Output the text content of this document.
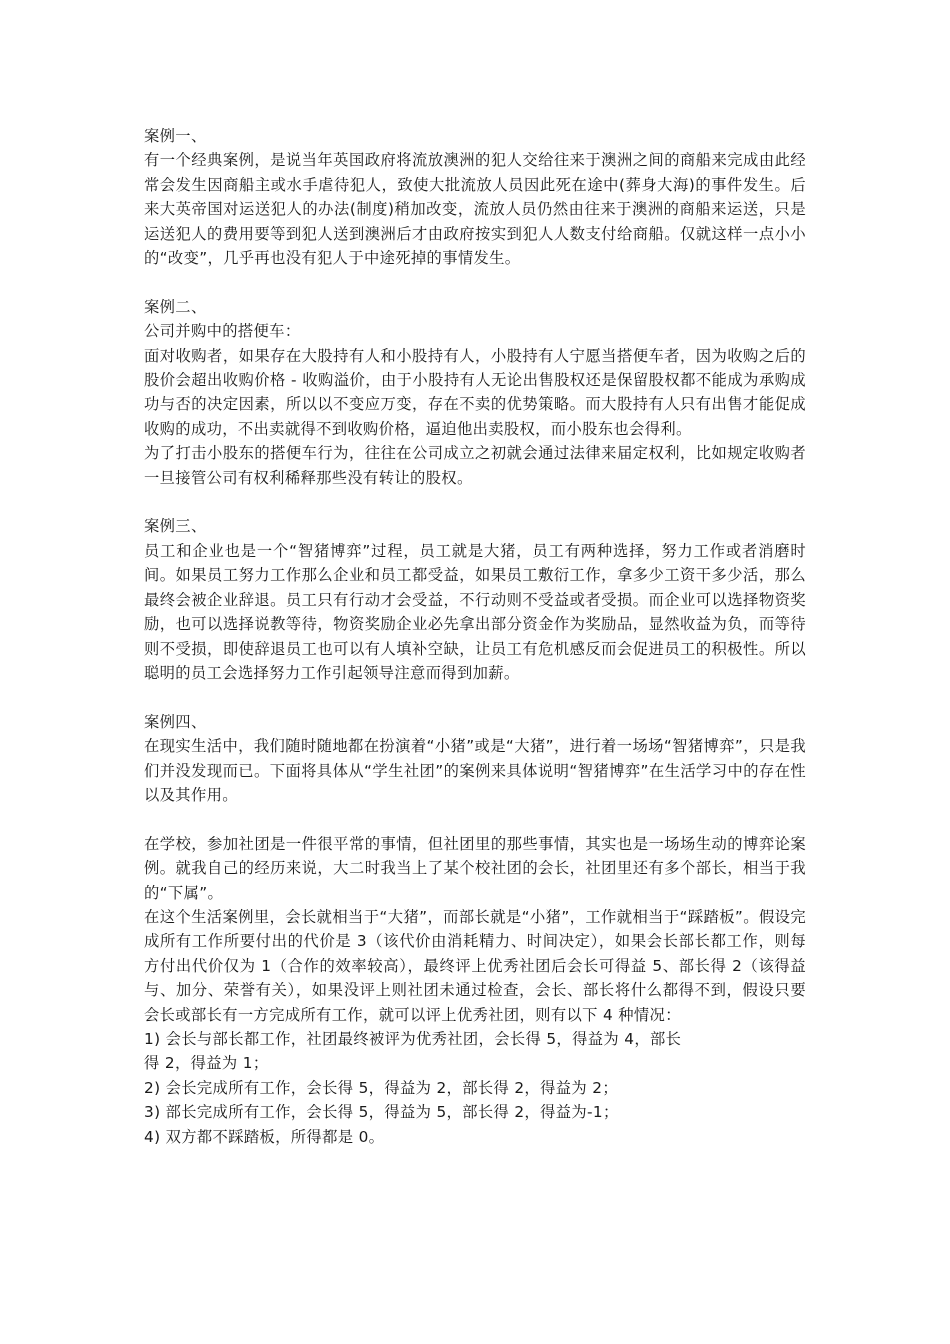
案例一、

有一个经典案例，是说当年英国政府将流放澳洲的犯人交给往来于澳洲之间的商船来完成由此经常会发生因商船主或水手虐待犯人，致使大批流放人员因此死在途中(葬身大海)的事件发生。后来大英帝国对运送犯人的办法(制度)稍加改变，流放人员仍然由往来于澳洲的商船来运送，只是运送犯人的费用要等到犯人送到澳洲后才由政府按实到犯人人数支付给商船。仅就这样一点小小的“改变”，几乎再也没有犯人于中途死掉的事情发生。

案例二、

公司并购中的搭便车：

面对收购者，如果存在大股持有人和小股持有人，小股持有人宁愿当搭便车者，因为收购之后的股价会超出收购价格 - 收购溢价，由于小股持有人无论出售股权还是保留股权都不能成为承购成功与否的决定因素，所以以不变应万变，存在不卖的优势策略。而大股持有人只有出售才能促成收购的成功，不出卖就得不到收购价格，逼迫他出卖股权，而小股东也会得利。

为了打击小股东的搭便车行为，往往在公司成立之初就会通过法律来届定权利，比如规定收购者一旦接管公司有权利稀释那些没有转让的股权。

案例三、

员工和企业也是一个“智猪博弈”过程，员工就是大猪，员工有两种选择，努力工作或者消磨时间。如果员工努力工作那么企业和员工都受益，如果员工敷衍工作，拿多少工资干多少活，那么最终会被企业辞退。员工只有行动才会受益，不行动则不受益或者受损。而企业可以选择物资奖励，也可以选择说教等待，物资奖励企业必先拿出部分资金作为奖励品，显然收益为负，而等待则不受损，即使辞退员工也可以有人填补空缺，让员工有危机感反而会促进员工的积极性。所以聪明的员工会选择努力工作引起领导注意而得到加薪。

案例四、

在现实生活中，我们随时随地都在扮演着“小猪”或是“大猪”，进行着一场场“智猪博弈”，只是我们并没发现而已。下面将具体从“学生社团”的案例来具体说明“智猪博弈”在生活学习中的存在性以及其作用。

在学校，参加社团是一件很平常的事情，但社团里的那些事情，其实也是一场场生动的博弈论案例。就我自己的经历来说，大二时我当上了某个校社团的会长，社团里还有多个部长，相当于我的“下属”。

在这个生活案例里，会长就相当于“大猪”，而部长就是“小猪”，工作就相当于“踩踏板”。假设完成所有工作所要付出的代价是 3（该代价由消耗精力、时间决定），如果会长部长都工作，则每方付出代价仅为 1（合作的效率较高），最终评上优秀社团后会长可得益 5、部长得 2（该得益与、加分、荣誉有关），如果没评上则社团未通过检查，会长、部长将什么都得不到，假设只要会长或部长有一方完成所有工作，就可以评上优秀社团，则有以下 4 种情况：

1) 会长与部长都工作，社团最终被评为优秀社团，会长得 5，得益为 4，部长

得 2，得益为 1；

2) 会长完成所有工作，会长得 5，得益为 2，部长得 2，得益为 2；

3) 部长完成所有工作，会长得 5，得益为 5，部长得 2，得益为-1；

4) 双方都不踩踏板，所得都是 0。
